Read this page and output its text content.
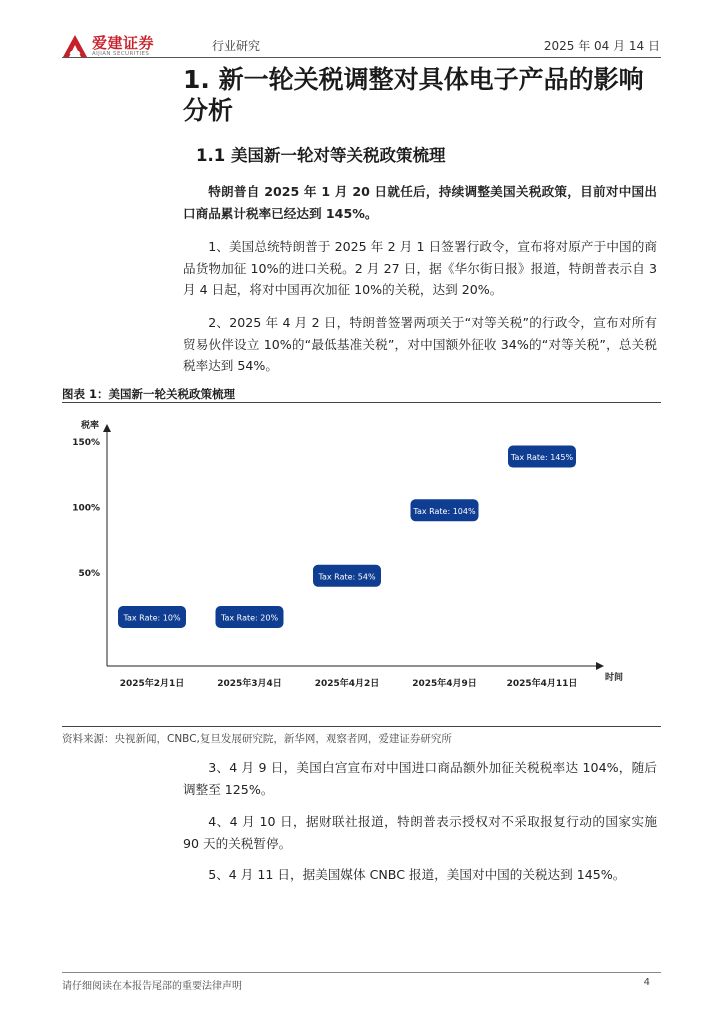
爱建证券
AIJIAN SECURITIES
行业研究	2025 年 04 月 14 日
1. 新一轮关税调整对具体电子产品的影响分析
1.1 美国新一轮对等关税政策梳理
特朗普自 2025 年 1 月 20 日就任后，持续调整美国关税政策，目前对中国出口商品累计税率已经达到 145%。
1、美国总统特朗普于 2025 年 2 月 1 日签署行政令，宣布将对原产于中国的商品货物加征 10%的进口关税。2 月 27 日，据《华尔街日报》报道，特朗普表示自 3 月 4 日起，将对中国再次加征 10%的关税，达到 20%。
2、2025 年 4 月 2 日，特朗普签署两项关于“对等关税”的行政令，宣布对所有贸易伙伴设立 10%的“最低基准关税”，对中国额外征收 34%的“对等关税”，总关税税率达到 54%。
图表 1：美国新一轮关税政策梳理
税率
时间
50%
100%
150%
2025年2月1日	2025年3月4日	2025年4月2日	2025年4月9日	2025年4月11日
Tax Rate: 10%	Tax Rate: 20%
Tax Rate: 54%
Tax Rate: 104%
Tax Rate: 145%
资料来源：央视新闻，CNBC,复旦发展研究院，新华网，观察者网，爱建证券研究所
3、4 月 9 日，美国白宫宣布对中国进口商品额外加征关税税率达 104%，随后调整至 125%。
4、4 月 10 日，据财联社报道，特朗普表示授权对不采取报复行动的国家实施 90 天的关税暂停。
5、4 月 11 日，据美国媒体 CNBC 报道，美国对中国的关税达到 145%。
请仔细阅读在本报告尾部的重要法律声明	4
